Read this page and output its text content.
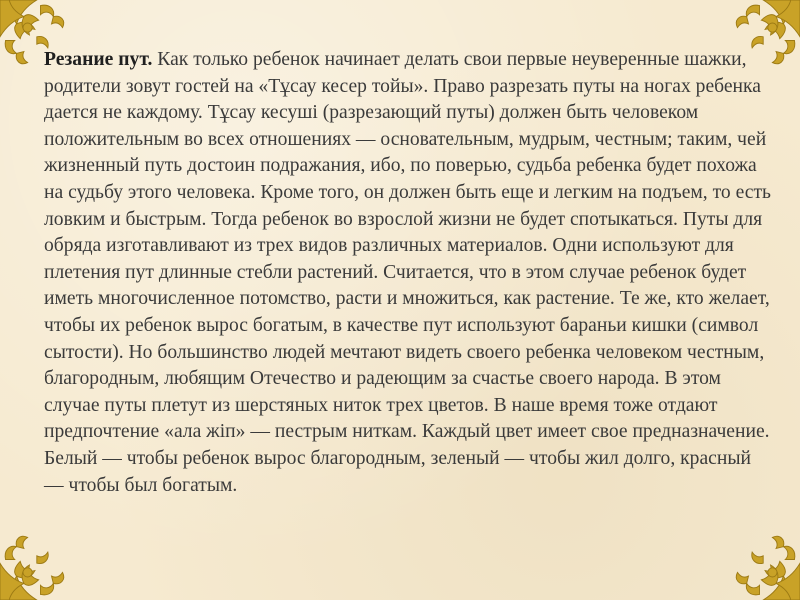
Резание пут. Как только ребенок начинает делать свои первые неуверенные шажки, родители зовут гостей на «Тұсау кесер тойы». Право разрезать путы на ногах ребенка дается не каждому. Тұсау кесуші (разрезающий путы) должен быть человеком положительным во всех отношениях — основательным, мудрым, честным; таким, чей жизненный путь достоин подражания, ибо, по поверью, судьба ребенка будет похожа на судьбу этого человека. Кроме того, он должен быть еще и легким на подъем, то есть ловким и быстрым. Тогда ребенок во взрослой жизни не будет спотыкаться. Путы для обряда изготавливают из трех видов различных материалов. Одни используют для плетения пут длинные стебли растений. Считается, что в этом случае ребенок будет иметь многочисленное потомство, расти и множиться, как растение. Те же, кто желает, чтобы их ребенок вырос богатым, в качестве пут используют бараньи кишки (символ сытости). Но большинство людей мечтают видеть своего ребенка человеком честным, благородным, любящим Отечество и радеющим за счастье своего народа. В этом случае путы плетут из шерстяных ниток трех цветов. В наше время тоже отдают предпочтение «ала жіп» — пестрым ниткам. Каждый цвет имеет свое предназначение. Белый — чтобы ребенок вырос благородным, зеленый — чтобы жил долго, красный — чтобы был богатым.
